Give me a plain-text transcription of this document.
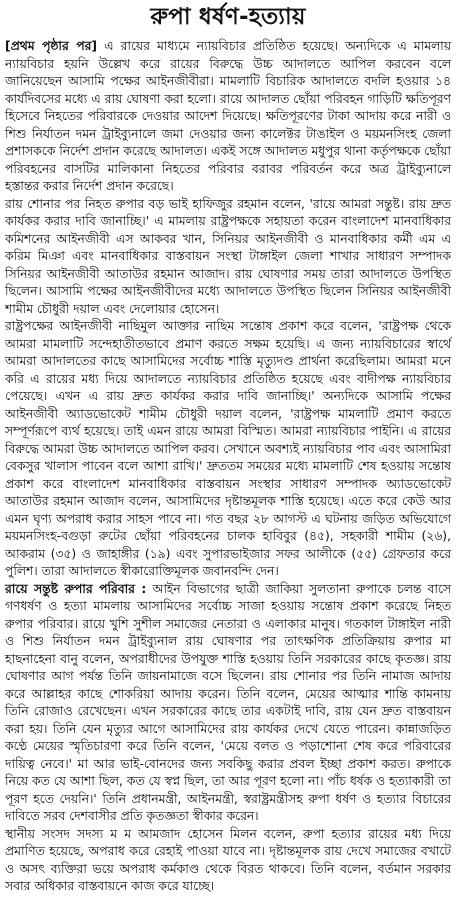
রুপা ধর্ষণ-হত্যায়

[প্রথম পৃষ্ঠার পর] এ রায়ের মাধ্যমে ন্যায়বিচার প্রতিষ্ঠিত হয়েছে। অন্যদিকে এ মামলায় ন্যায়বিচার হয়নি উল্লেখ করে রায়ের বিরুদ্ধে উচ্চ আদালতে আপিল করবেন বলে জানিয়েছেন আসামি পক্ষের আইনজীবীরা। মামলাটি বিচারিক আদালতে বদলি হওয়ার ১৪ কার্যদিবসের মধ্যে এ রায় ঘোষণা করা হলো। রায়ে আদালত ছোঁয়া পরিবহন গাড়িটি ক্ষতিপূরণ হিসেবে নিহতের পরিবারকে দেওয়ার আদেশ দিয়েছে। ক্ষতিপূরণের টাকা আদায় করে নারী ও শিশু নির্যাতন দমন ট্রাইব্যুনালে জমা দেওয়ার জন্য কালেক্টর টাঙাইল ও ময়মনসিংহ জেলা প্রশাসককে নির্দেশ প্রদান করেছে আদালত। একই সঙ্গে আদালত মধুপুর থানা কর্তৃপক্ষকে ছোঁয়া পরিবহনের বাসটির মালিকানা নিহতের পরিবার বরাবর পরিবর্তন করে অত্র ট্রাইব্যুনালে হস্তান্তর করার নির্দেশ প্রদান করেছে।

রায় শোনার পর নিহত রুপার বড় ভাই হাফিজুর রহমান বলেন, 'রায়ে আমরা সন্তুষ্ট। রায় দ্রুত কার্যকর করার দাবি জানাচ্ছি।' এ মামলায় রাষ্ট্রপক্ষকে সহায়তা করেন বাংলাদেশ মানবাধিকার কমিশনের আইনজীবী এস আকবর খান, সিনিয়র আইনজীবী ও মানবাধিকার কর্মী এম এ করিম মিঞা এবং মানবাধিকার বাস্তবায়ন সংস্থা টাঙ্গাইল জেলা শাখার সাধারণ সম্পাদক সিনিয়র আইনজীবী আতাউর রহমান আজাদ। রায় ঘোষণার সময় তারা আদালতে উপস্থিত ছিলেন। আসামি পক্ষের আইনজীবীদের মধ্যে আদালতে উপস্থিত ছিলেন সিনিয়র আইনজীবী শামীম চৌধুরী দয়াল এবং দেলোয়ার হোসেন।

রাষ্ট্রপক্ষের আইনজীবী নাছিমুল আক্তার নাছিম সন্তোষ প্রকাশ করে বলেন, 'রাষ্ট্রপক্ষ থেকে আমরা মামলাটি সন্দেহাতীতভাবে প্রমাণ করতে সক্ষম হয়েছি। এ জন্য ন্যায়বিচারের স্বার্থে আমরা আদালতের কাছে আসামিদের সর্বোচ্চ শাস্তি মৃত্যুদণ্ড প্রার্থনা করেছিলাম। আমরা মনে করি এ রায়ের মধ্য দিয়ে আদালতে ন্যায়বিচার প্রতিষ্ঠিত হয়েছে এবং বাদীপক্ষ ন্যায়বিচার পেয়েছে। এখন এ রায় দ্রুত কার্যকর করার দাবি জানাচ্ছি।' অন্যদিকে আসামি পক্ষের আইনজীবী অ্যাডভোকেট শামীম চৌধুরী দয়াল বলেন, 'রাষ্ট্রপক্ষ মামলাটি প্রমাণ করতে সম্পূর্ণরূপে ব্যর্থ হয়েছে। তাই এমন রায়ে আমরা বিস্মিত। আমরা ন্যায়বিচার পাইনি। এ রায়ের বিরুদ্ধে আমরা উচ্চ আদালতে আপিল করব। সেখানে অবশ্যই ন্যায়বিচার পাব এবং আসামিরা বেকসুর খালাস পাবেন বলে আশা রাখি।' দ্রুততম সময়ের মধ্যে মামলাটি শেষ হওয়ায় সন্তোষ প্রকাশ করে বাংলাদেশ মানবাধিকার বাস্তবায়ন সংস্থার সাধারণ সম্পাদক অ্যাডভোকেট আতাউর রহমান আজাদ বলেন, আসামিদের দৃষ্টান্তমূলক শাস্তি হয়েছে। এতে করে কেউ আর এমন ঘৃণ্য অপরাধ করার সাহস পাবে না। গত বছর ২৮ আগস্ট এ ঘটনায় জড়িত অভিযোগে ময়মনসিংহ-বগুড়া রুটের ছোঁয়া পরিবহনের চালক হাবিবুর (৪৫), সহকারী শামীম (২৬), আকরাম (৩৫) ও জাহাঙ্গীর (১৯) এবং সুপারভাইজার সফর আলীকে (৫৫) গ্রেফতার করে পুলিশ। তারা আদালতে স্বীকারোক্তিমূলক জবানবন্দি দেন।

রায়ে সন্তুষ্ট রুপার পরিবার : আইন বিভাগের ছাত্রী জাকিয়া সুলতানা রুপাকে চলন্ত বাসে গণধর্ষণ ও হত্যা মামলায় আসামিদের সর্বোচ্চ সাজা হওয়ায় সন্তোষ প্রকাশ করেছে নিহত রুপার পরিবার। রায়ে খুশি সুশীল সমাজের নেতারা ও এলাকার মানুষ। গতকাল টাঙ্গাইল নারী ও শিশু নির্যাতন দমন ট্রাইব্যুনাল রায় ঘোষণার পর তাৎক্ষণিক প্রতিক্রিয়ায় রুপার মা হাছনাহেনা বানু বলেন, অপরাধীদের উপযুক্ত শাস্তি হওয়ায় তিনি সরকারের কাছে কৃতজ্ঞ। রায় ঘোষণার আগ পর্যন্ত তিনি জায়নামাজে বসে ছিলেন। রায় শোনার পর তিনি নামাজ আদায় করে আল্লাহর কাছে শোকরিয়া আদায় করেন। তিনি বলেন, মেয়ের আত্মার শান্তি কামনায় তিনি রোজাও রেখেছেন। এখন সরকারের কাছে তার একটাই দাবি, রায় যেন দ্রুত বাস্তবায়ন করা হয়। তিনি যেন মৃত্যুর আগে আসামিদের রায় কার্যকর দেখে যেতে পারেন। কান্নাজড়িত কণ্ঠে মেয়ের স্মৃতিচারণা করে তিনি বলেন, 'মেয়ে বলত ও পড়াশোনা শেষ করে পরিবারের দায়িত্ব নেবে।' মা আর ভাই-বোনদের জন্য সবকিছু করার প্রবল ইচ্ছা প্রকাশ করত। রুপাকে নিয়ে কত যে আশা ছিল, কত যে স্বপ্ন ছিল, তা আর পূরণ হলো না। পাঁচ ধর্ষক ও হত্যাকারী তা পূরণ হতে দেয়নি।' তিনি প্রধানমন্ত্রী, আইনমন্ত্রী, স্বরাষ্ট্রমন্ত্রীসহ রুপা ধর্ষণ ও হত্যার বিচারের দাবিতে সরব দেশবাসীর প্রতি কৃতজ্ঞতা স্বীকার করেন।

স্থানীয় সংসদ সদস্য ম ম আমজাদ হোসেন মিলন বলেন, রুপা হত্যার রায়ের মধ্য দিয়ে প্রমাণিত হয়েছে, অপরাধ করে রেহাই পাওয়া যাবে না। দৃষ্টান্তমূলক রায় দেখে সমাজের বখাটে ও অসৎ ব্যক্তিরা ভয়ে অপরাধ কর্মকাণ্ড থেকে বিরত থাকবে। তিনি বলেন, বর্তমান সরকার সবার অধিকার বাস্তবায়নে কাজ করে যাচ্ছে।
